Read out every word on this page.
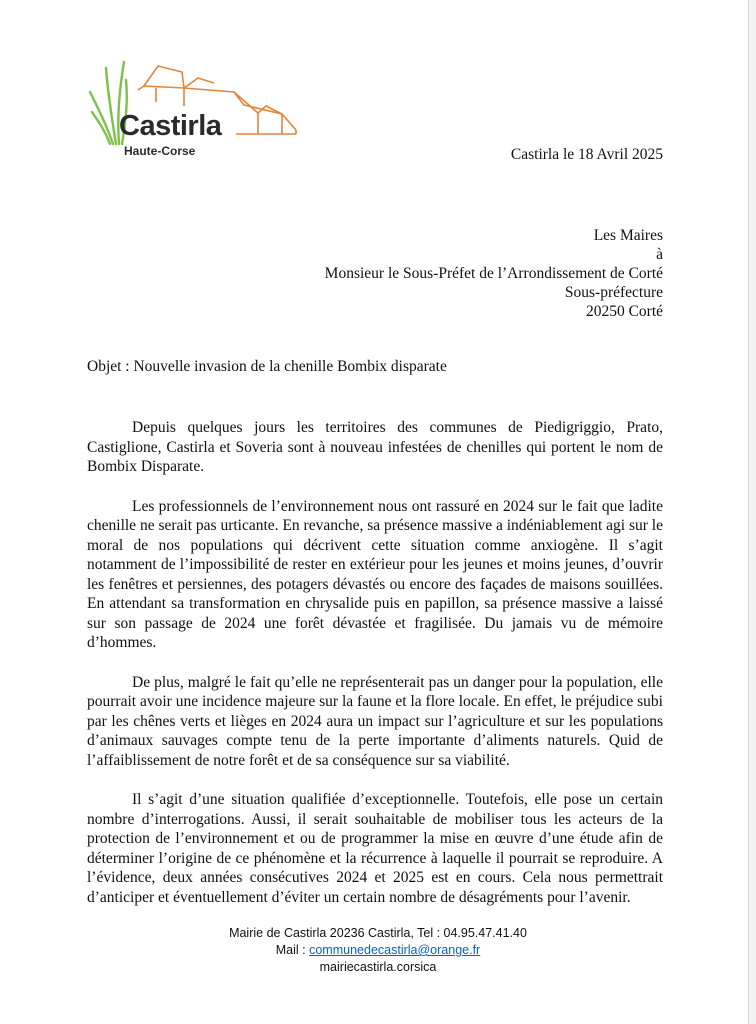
Castirla
Haute-Corse	Castirla le 18 Avril 2025
Les Maires
à
Monsieur le Sous-Préfet de l’Arrondissement de Corté
Sous-préfecture
20250 Corté
Objet : Nouvelle invasion de la chenille Bombix disparate

Depuis quelques jours les territoires des communes de Piedigriggio, Prato, Castiglione, Castirla et Soveria sont à nouveau infestées de chenilles qui portent le nom de Bombix Disparate.

Les professionnels de l’environnement nous ont rassuré en 2024 sur le fait que ladite chenille ne serait pas urticante. En revanche, sa présence massive a indéniablement agi sur le moral de nos populations qui décrivent cette situation comme anxiogène. Il s’agit notamment de l’impossibilité de rester en extérieur pour les jeunes et moins jeunes, d’ouvrir les fenêtres et persiennes, des potagers dévastés ou encore des façades de maisons souillées. En attendant sa transformation en chrysalide puis en papillon, sa présence massive a laissé sur son passage de 2024 une forêt dévastée et fragilisée. Du jamais vu de mémoire d’hommes.

De plus, malgré le fait qu’elle ne représenterait pas un danger pour la population, elle pourrait avoir une incidence majeure sur la faune et la flore locale. En effet, le préjudice subi par les chênes verts et lièges en 2024 aura un impact sur l’agriculture et sur les populations d’animaux sauvages compte tenu de la perte importante d’aliments naturels. Quid de l’affaiblissement de notre forêt et de sa conséquence sur sa viabilité.

Il s’agit d’une situation qualifiée d’exceptionnelle. Toutefois, elle pose un certain nombre d’interrogations. Aussi, il serait souhaitable de mobiliser tous les acteurs de la protection de l’environnement et ou de programmer la mise en œuvre d’une étude afin de déterminer l’origine de ce phénomène et la récurrence à laquelle il pourrait se reproduire. A l’évidence, deux années consécutives 2024 et 2025 est en cours. Cela nous permettrait d’anticiper et éventuellement d’éviter un certain nombre de désagréments pour l’avenir.

Mairie de Castirla 20236 Castirla, Tel : 04.95.47.41.40
Mail : communedecastirla@orange.fr
mairiecastirla.corsica
